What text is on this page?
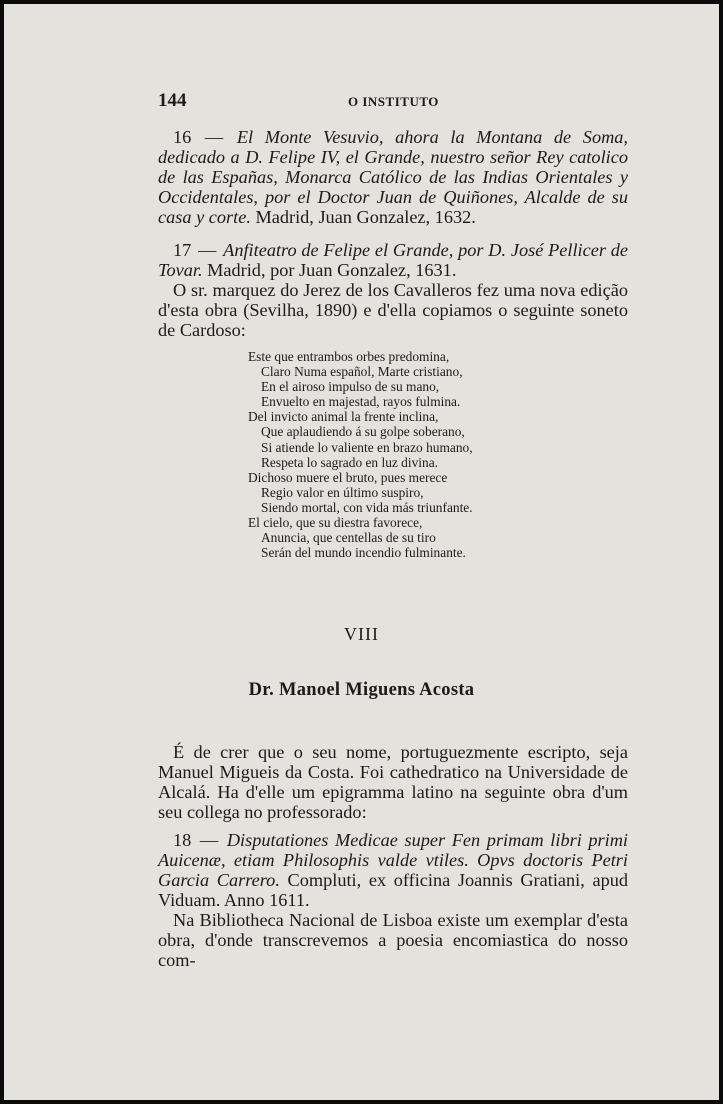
144	O INSTITUTO

16 — El Monte Vesuvio, ahora la Montana de Soma, dedicado a D. Felipe IV, el Grande, nuestro señor Rey catolico de las Españas, Monarca Católico de las Indias Orientales y Occidentales, por el Doctor Juan de Quiñones, Alcalde de su casa y corte. Madrid, Juan Gonzalez, 1632.

17 — Anfiteatro de Felipe el Grande, por D. José Pellicer de Tovar. Madrid, por Juan Gonzalez, 1631.

O sr. marquez do Jerez de los Cavalleros fez uma nova edição d'esta obra (Sevilha, 1890) e d'ella copiamos o seguinte soneto de Cardoso:

Este que entrambos orbes predomina,
Claro Numa español, Marte cristiano,
En el airoso impulso de su mano,
Envuelto en majestad, rayos fulmina.
Del invicto animal la frente inclina,
Que aplaudiendo á su golpe soberano,
Si atiende lo valiente en brazo humano,
Respeta lo sagrado en luz divina.
Dichoso muere el bruto, pues merece
Regio valor en último suspiro,
Siendo mortal, con vida más triunfante.
El cielo, que su diestra favorece,
Anuncia, que centellas de su tiro
Serán del mundo incendio fulminante.
VIII
Dr. Manoel Miguens Acosta

É de crer que o seu nome, portuguezmente escripto, seja Manuel Migueis da Costa. Foi cathedratico na Universidade de Alcalá. Ha d'elle um epigramma latino na seguinte obra d'um seu collega no professorado:

18 — Disputationes Medicae super Fen primam libri primi Auicenæ, etiam Philosophis valde vtiles. Opvs doctoris Petri Garcia Carrero. Compluti, ex officina Joannis Gratiani, apud Viduam. Anno 1611.

Na Bibliotheca Nacional de Lisboa existe um exemplar d'esta obra, d'onde transcrevemos a poesia encomiastica do nosso com-
